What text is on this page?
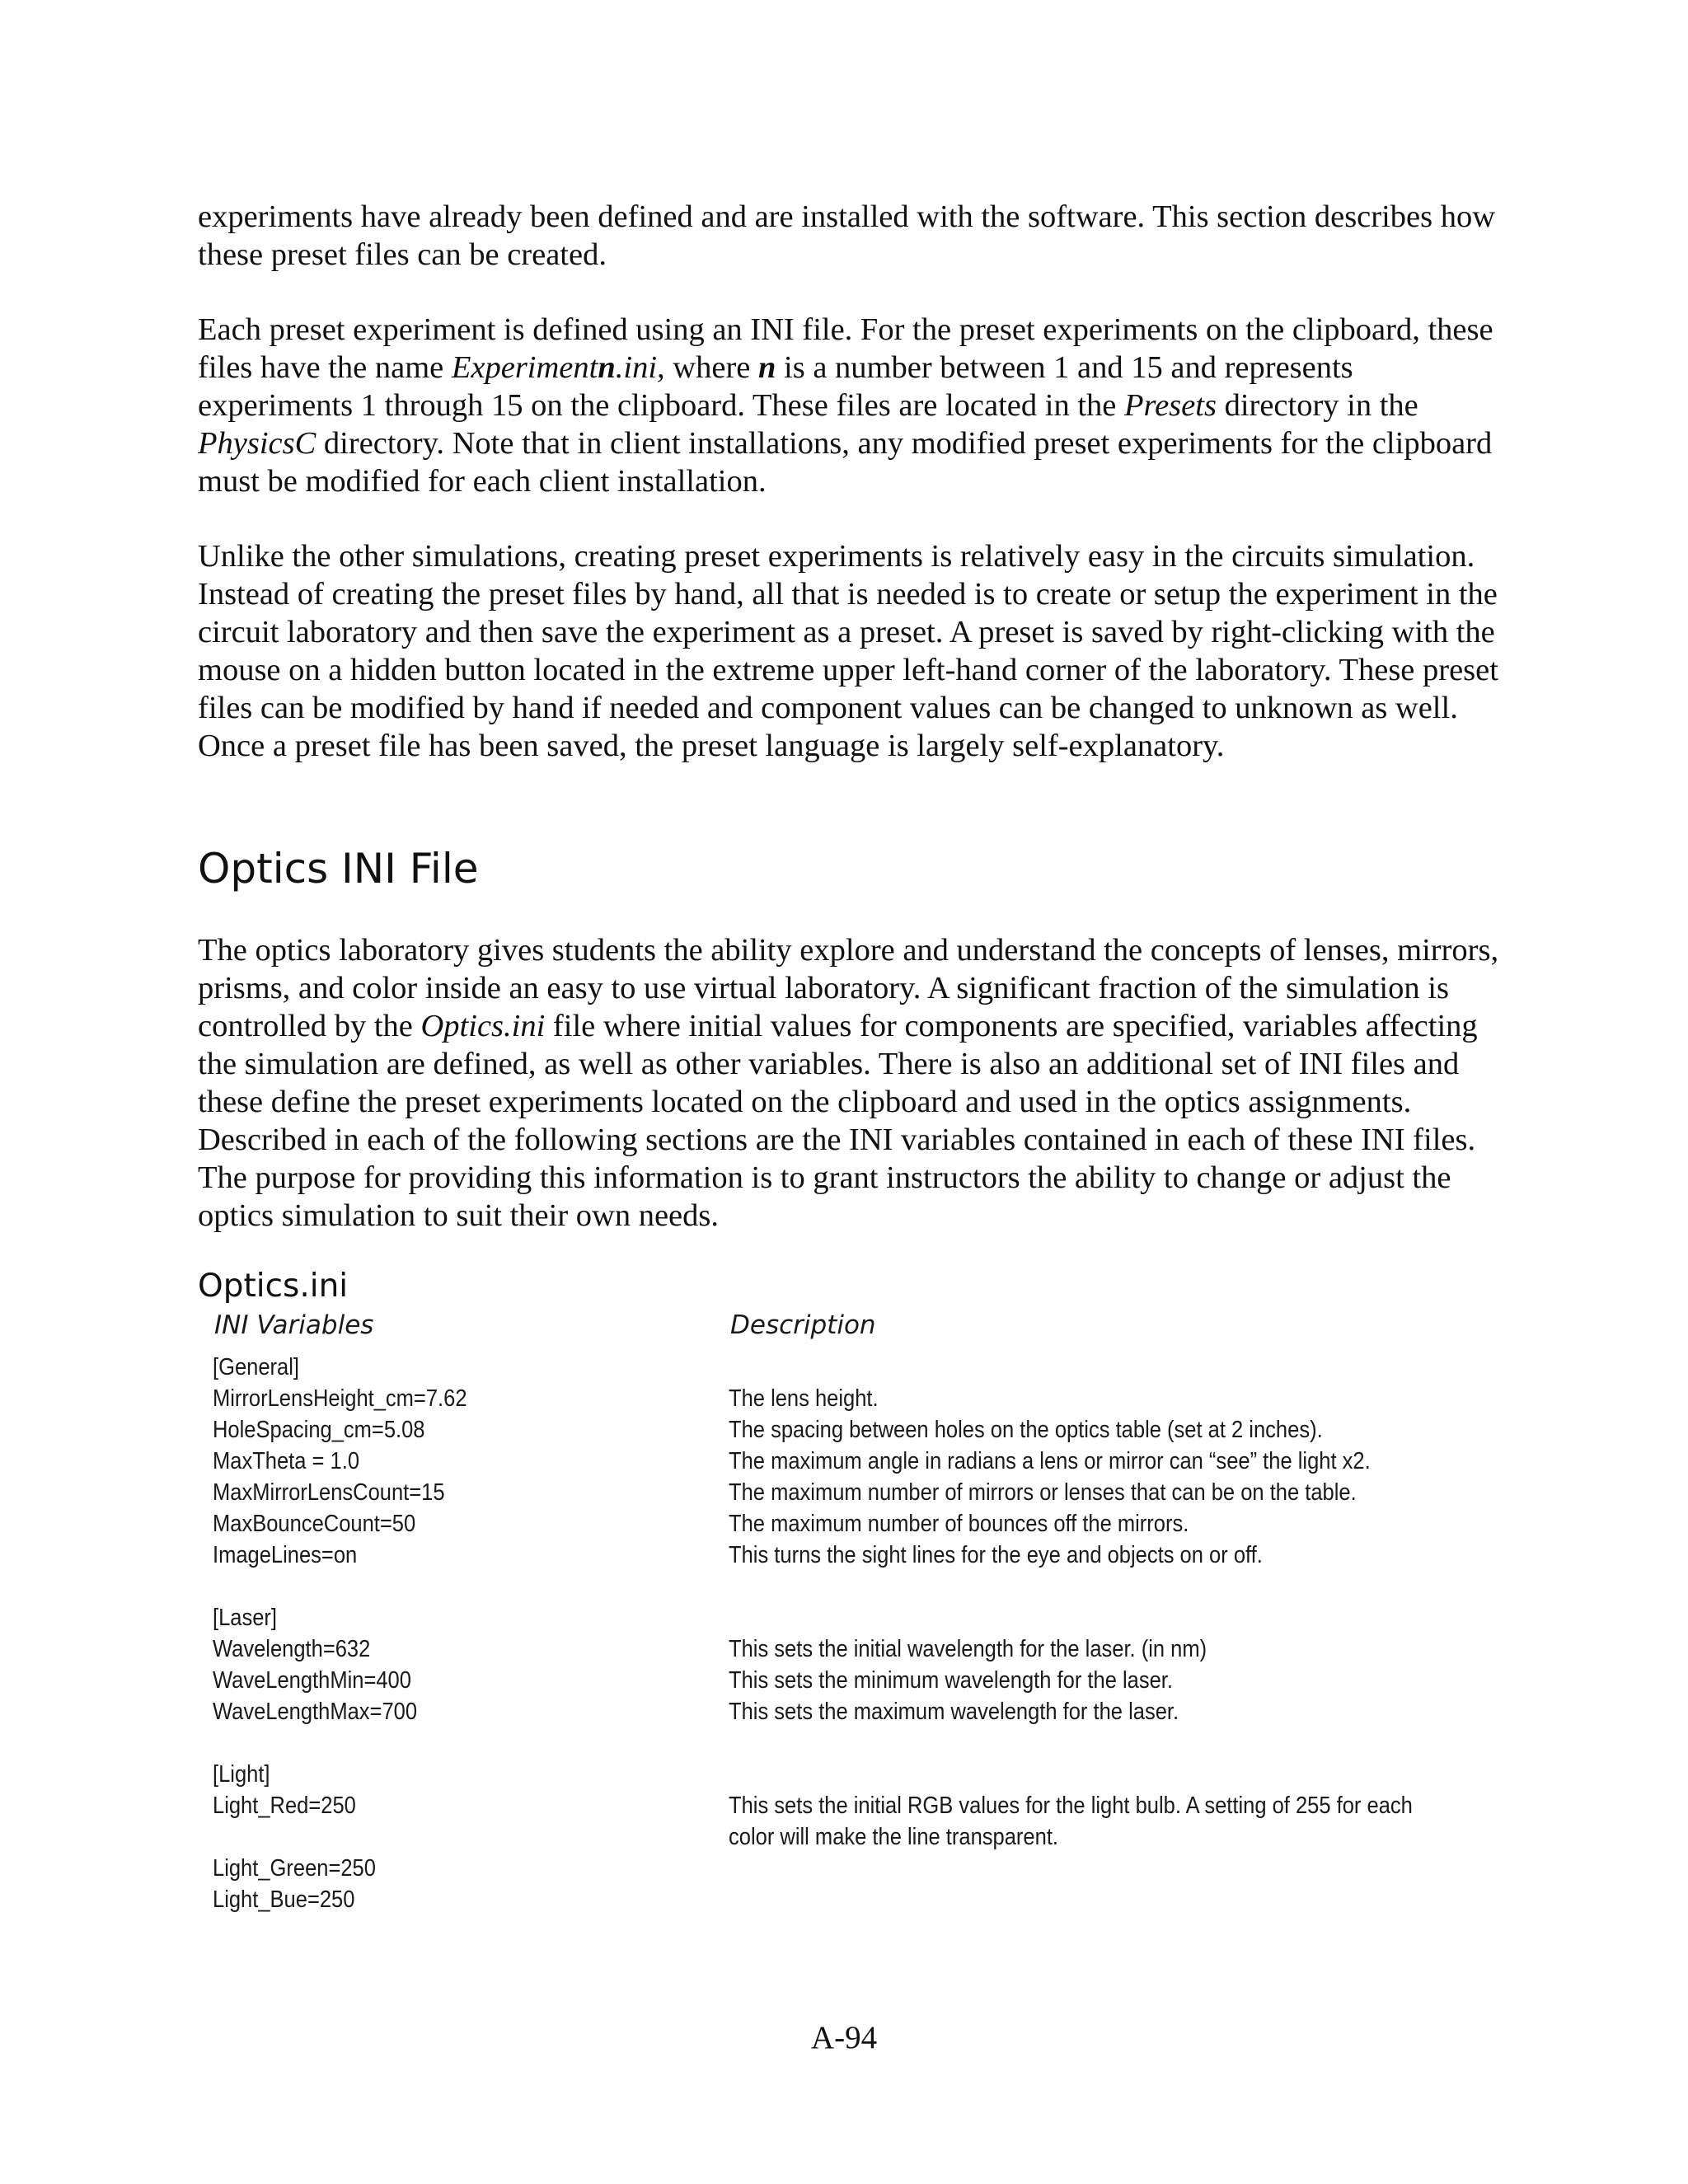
experiments have already been defined and are installed with the software. This section describes how these preset files can be created.

Each preset experiment is defined using an INI file. For the preset experiments on the clipboard, these files have the name Experimentn.ini, where n is a number between 1 and 15 and represents experiments 1 through 15 on the clipboard. These files are located in the Presets directory in the PhysicsC directory. Note that in client installations, any modified preset experiments for the clipboard must be modified for each client installation.

Unlike the other simulations, creating preset experiments is relatively easy in the circuits simulation. Instead of creating the preset files by hand, all that is needed is to create or setup the experiment in the circuit laboratory and then save the experiment as a preset. A preset is saved by right-clicking with the mouse on a hidden button located in the extreme upper left-hand corner of the laboratory. These preset files can be modified by hand if needed and component values can be changed to unknown as well. Once a preset file has been saved, the preset language is largely self-explanatory.

Optics INI File

The optics laboratory gives students the ability explore and understand the concepts of lenses, mirrors, prisms, and color inside an easy to use virtual laboratory. A significant fraction of the simulation is controlled by the Optics.ini file where initial values for components are specified, variables affecting the simulation are defined, as well as other variables. There is also an additional set of INI files and these define the preset experiments located on the clipboard and used in the optics assignments. Described in each of the following sections are the INI variables contained in each of these INI files. The purpose for providing this information is to grant instructors the ability to change or adjust the optics simulation to suit their own needs.

Optics.ini
INI Variables	Description
[General]
MirrorLensHeight_cm=7.62	The lens height.
HoleSpacing_cm=5.08	The spacing between holes on the optics table (set at 2 inches).
MaxTheta = 1.0	The maximum angle in radians a lens or mirror can “see” the light x2.
MaxMirrorLensCount=15	The maximum number of mirrors or lenses that can be on the table.
MaxBounceCount=50	The maximum number of bounces off the mirrors.
ImageLines=on	This turns the sight lines for the eye and objects on or off.
[Laser]
Wavelength=632	This sets the initial wavelength for the laser. (in nm)
WaveLengthMin=400	This sets the minimum wavelength for the laser.
WaveLengthMax=700	This sets the maximum wavelength for the laser.
[Light]
Light_Red=250	This sets the initial RGB values for the light bulb. A setting of 255 for each color will make the line transparent.
Light_Green=250
Light_Bue=250
A-94
